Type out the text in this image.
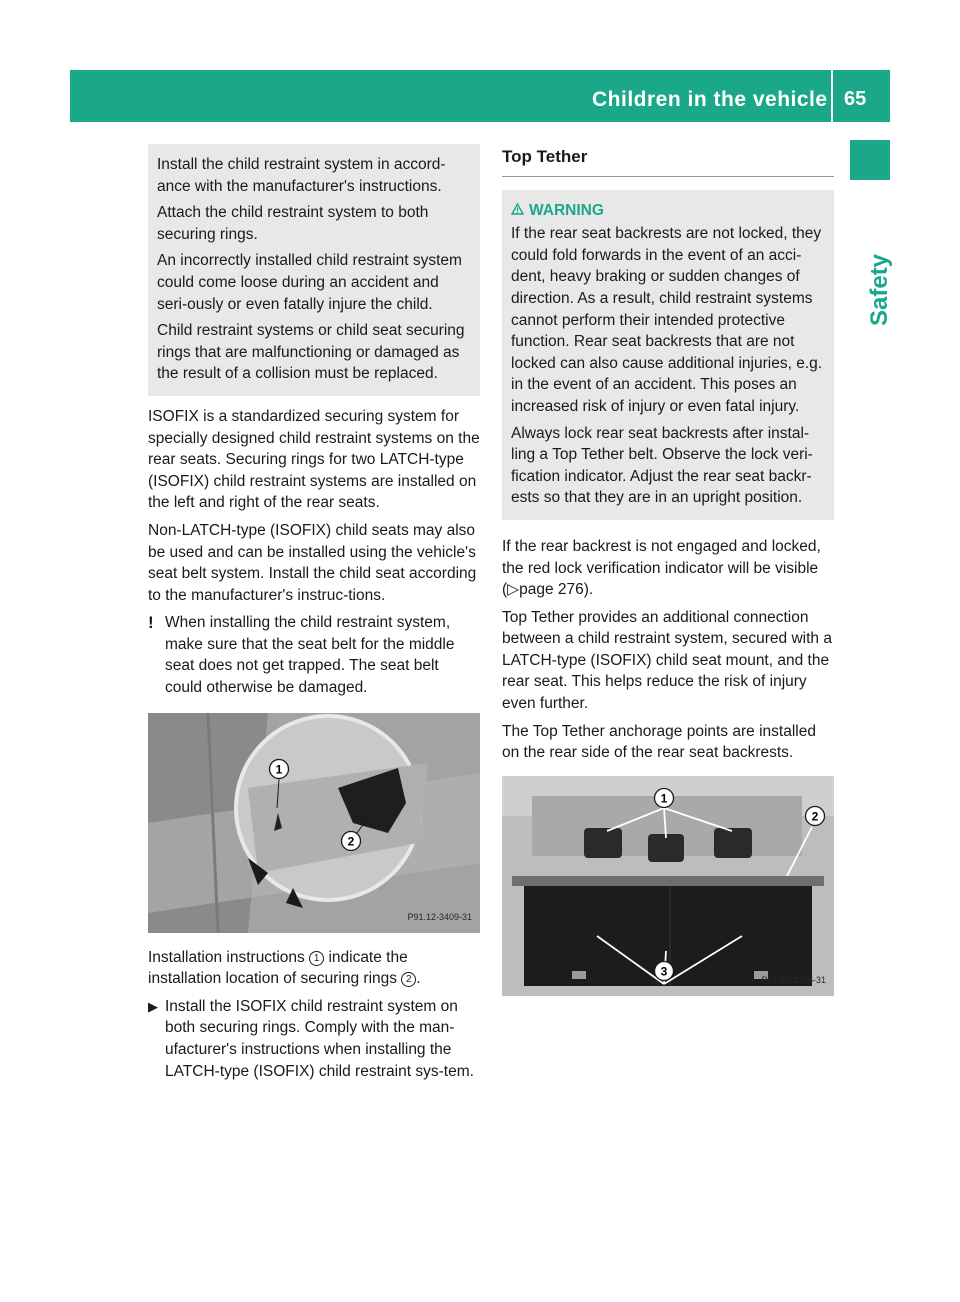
Children in the vehicle 65
Safety

Install the child restraint system in accord-ance with the manufacturer's instructions.

Attach the child restraint system to both securing rings.

An incorrectly installed child restraint system could come loose during an accident and seri-ously or even fatally injure the child.

Child restraint systems or child seat securing rings that are malfunctioning or damaged as the result of a collision must be replaced.

ISOFIX is a standardized securing system for specially designed child restraint systems on the rear seats. Securing rings for two LATCH-type (ISOFIX) child restraint systems are installed on the left and right of the rear seats.

Non-LATCH-type (ISOFIX) child seats may also be used and can be installed using the vehicle's seat belt system. Install the child seat according to the manufacturer's instruc-tions.

! When installing the child restraint system, make sure that the seat belt for the middle seat does not get trapped. The seat belt could otherwise be damaged.
1
2
P91.12-3409-31

Installation instructions 1 indicate the installation location of securing rings 2 .

▶ Install the ISOFIX child restraint system on both securing rings. Comply with the man-ufacturer's instructions when installing the LATCH-type (ISOFIX) child restraint sys-tem.
Top Tether
WARNING

If the rear seat backrests are not locked, they could fold forwards in the event of an acci-dent, heavy braking or sudden changes of direction. As a result, child restraint systems cannot perform their intended protective function. Rear seat backrests that are not locked can also cause additional injuries, e.g. in the event of an accident. This poses an increased risk of injury or even fatal injury.

Always lock rear seat backrests after instal-ling a Top Tether belt. Observe the lock veri-fication indicator. Adjust the rear seat backr-ests so that they are in an upright position.

If the rear backrest is not engaged and locked, the red lock verification indicator will be visible (▷page 276).

Top Tether provides an additional connection between a child restraint system, secured with a LATCH-type (ISOFIX) child seat mount, and the rear seat. This helps reduce the risk of injury even further.

The Top Tether anchorage points are installed on the rear side of the rear seat backrests.

1
2
3
P91.20-2256-31
